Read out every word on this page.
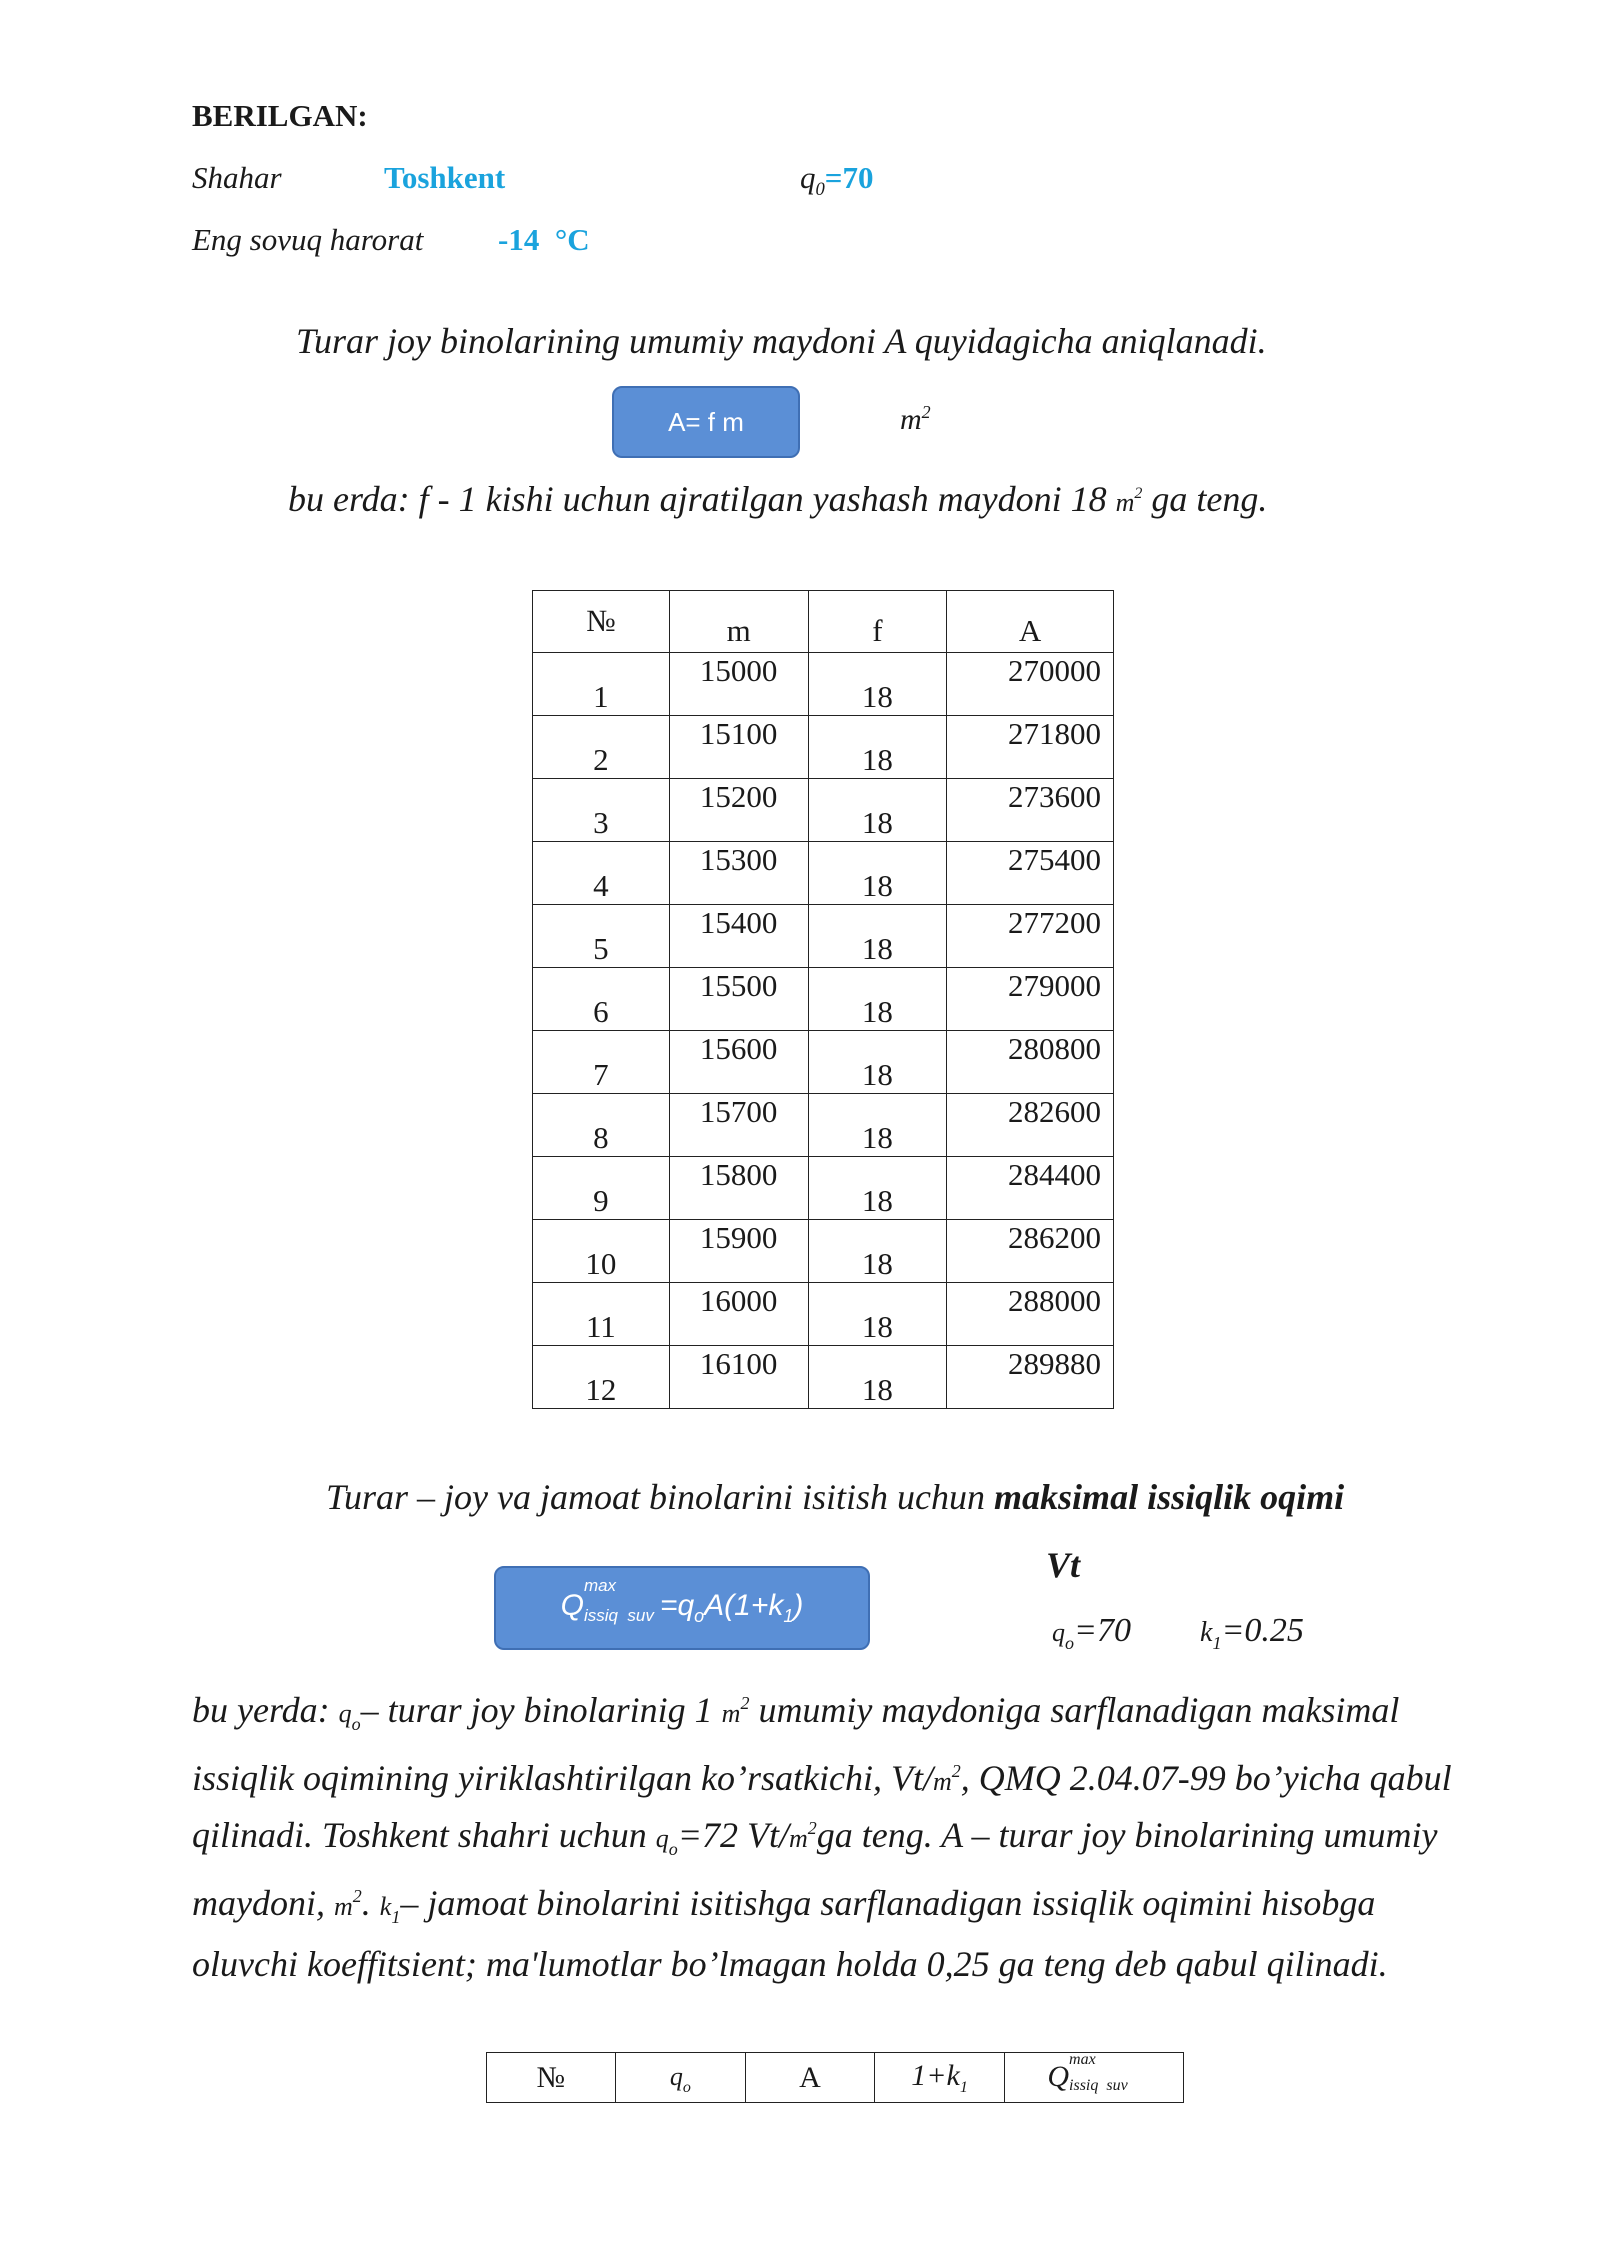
BERILGAN:
Shahar	Toshkent	$q_0=70$
Eng sovuq harorat -14  °C
Turar joy binolarining umumiy maydoni A quyidagicha aniqlanadi.
A= f m	$m^2$
bu erda: f - 1 kishi uchun ajratilgan yashash maydoni 18 $m^2$ ga teng.
№	m	f	A

1	15000	18	270000

2	15100	18	271800

3	15200	18	273600

4	15300	18	275400

5	15400	18	277200

6	15500	18	279000

7	15600	18	280800

8	15700	18	282600

9	15800	18	284400

10	15900	18	286200

11	16000	18	288000

12	16100	18	289880
Turar – joy va jamoat binolarini isitish uchun maksimal issiqlik oqimi
Vt
Q
max
issiq  suv $=q_oA(1+k_1)$
$q_o=70$ $k_1=0.25$
bu yerda: $q_o-$ turar joy binolarinig 1 $m^2$ umumiy maydoniga sarflanadigan maksimal issiqlik oqimining yiriklashtirilgan ko’rsatkichi, $Vt/m^2$, QMQ 2.04.07-99 bo’yicha qabul qilinadi. Toshkent shahri uchun $q_o=72$ $Vt/m^2ga$ teng. A – turar joy binolarining umumiy maydoni, $m^2$. $k_1-$ jamoat binolarini isitishga sarflanadigan issiqlik oqimini hisobga oluvchi koeffitsient; ma'lumotlar bo’lmagan holda 0,25 ga teng deb qabul qilinadi.
№	$q_o$	A	$1+k_1$	Q
max
issiq  suv
